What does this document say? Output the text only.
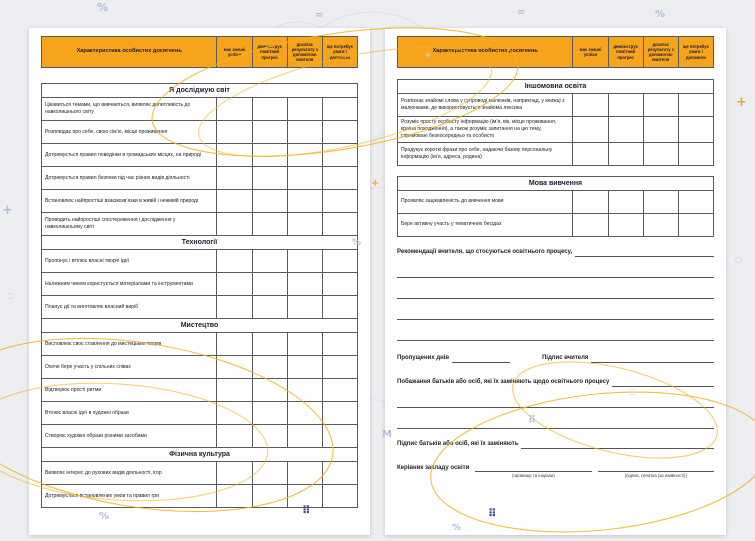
Характеристика особистих досягнень	має значні успіхи	демонструє помітний прогрес	досягає результату з допомогою вчителя	ще потребує уваги і допомоги
Я досліджую світ				
Цікавиться темами, що вивчаються, виявляє допитливість до навколишнього світу				
Розповідає про себе, свою сім’ю, місце проживання				
Дотримується правил поведінки в громадських місцях, на природі				
Дотримується правил безпеки під час різних видів діяльності				
Встановлює найпростіші взаємозв’язки в живій і неживій природі				
Проводить найпростіші спостереження і дослідження у навколишньому світі				
Технології				
Пропонує і втілює власні творчі ідеї				
Належним чином користується матеріалами та інструментами				
Планує дії та виготовляє власний виріб				
Мистецтво				
Висловлює своє ставлення до мистецьких творів				
Охоче бере участь у спільних співах				
Відтворює прості ритми				
Втілює власні ідеї в художні образи				
Створює художні образи різними засобами				
Фізична культура				
Виявляє інтерес до рухових видів діяльності, ігор				
Дотримується встановлених умов та правил гри				
Характеристика особистих досягнень	має значні успіхи	демонструє помітний прогрес	досягає результату з допомогою вчителя	ще потребує уваги і допомоги
Іншомовна освіта				
Розпізнає знайомі слова у супроводі малюнків, наприклад, у книжці з малюнками, де використовується знайома лексика				
Розуміє просту особисту інформацію (ім’я, вік, місце проживання, країна походження), а також розуміє запитання на цю тему, спрямовані безпосередньо та особисто				
Продукує короткі фрази про себе, надаючи базову персональну інформацію (ім’я, адреса, родина)				
Мова вивчення				
Проявляє зацікавленість до вивчення мови				
Бере активну участь у тематичних бесідах				
Рекомендації вчителя, що стосуються освітнього процесу,
Пропущених днів	Підпис вчителя
Побажання батьків або осіб, які їх заміняють щодо освітнього процесу
Підпис батьків або осіб, які їх заміняють
Керівник закладу освіти
(прізвище та ініціали)	(підпис, печатка (за наявності))
%
=	=	%
+
+
+
+
%
○
○
○
⠿
M
⠿	⠿
%
%
